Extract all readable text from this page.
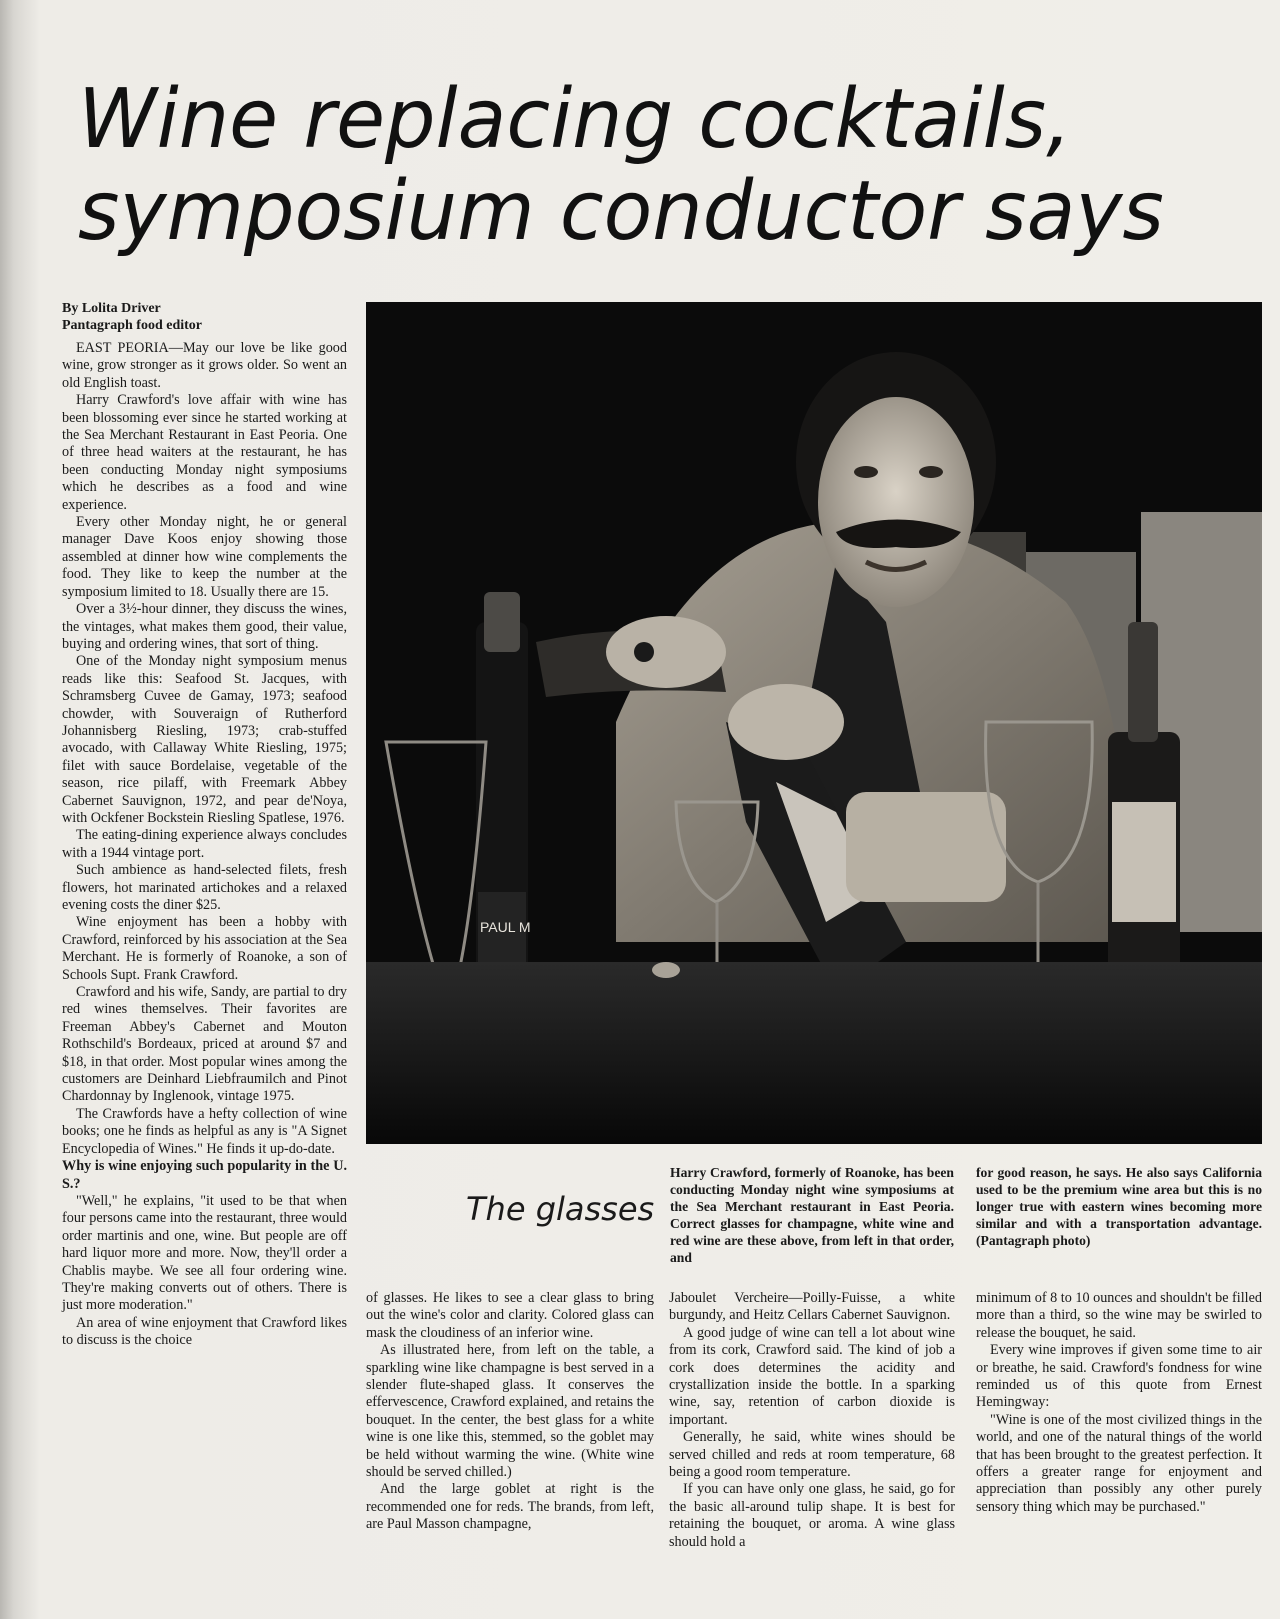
Wine replacing cocktails,
symposium conductor says
By Lolita Driver
Pantagraph food editor

EAST PEORIA—May our love be like good wine, grow stronger as it grows older. So went an old English toast.

Harry Crawford's love affair with wine has been blossoming ever since he started working at the Sea Merchant Restaurant in East Peoria. One of three head waiters at the restaurant, he has been conducting Monday night symposiums which he describes as a food and wine experience.

Every other Monday night, he or general manager Dave Koos enjoy showing those assembled at dinner how wine complements the food. They like to keep the number at the symposium limited to 18. Usually there are 15.

Over a 3½-hour dinner, they discuss the wines, the vintages, what makes them good, their value, buying and ordering wines, that sort of thing.

One of the Monday night symposium menus reads like this: Seafood St. Jacques, with Schramsberg Cuvee de Gamay, 1973; seafood chowder, with Souveraign of Rutherford Johannisberg Riesling, 1973; crab-stuffed avocado, with Callaway White Riesling, 1975; filet with sauce Bordelaise, vegetable of the season, rice pilaff, with Freemark Abbey Cabernet Sauvignon, 1972, and pear de'Noya, with Ockfener Bockstein Riesling Spatlese, 1976.

The eating-dining experience always concludes with a 1944 vintage port.

Such ambience as hand-selected filets, fresh flowers, hot marinated artichokes and a relaxed evening costs the diner $25.

Wine enjoyment has been a hobby with Crawford, reinforced by his association at the Sea Merchant. He is formerly of Roanoke, a son of Schools Supt. Frank Crawford.

Crawford and his wife, Sandy, are partial to dry red wines themselves. Their favorites are Freeman Abbey's Cabernet and Mouton Rothschild's Bordeaux, priced at around $7 and $18, in that order. Most popular wines among the customers are Deinhard Liebfraumilch and Pinot Chardonnay by Inglenook, vintage 1975.

The Crawfords have a hefty collection of wine books; one he finds as helpful as any is "A Signet Encyclopedia of Wines." He finds it up-do-date.

Why is wine enjoying such popularity in the U. S.?

"Well," he explains, "it used to be that when four persons came into the restaurant, three would order martinis and one, wine. But people are off hard liquor more and more. Now, they'll order a Chablis maybe. We see all four ordering wine. They're making converts out of others. There is just more moderation."

An area of wine enjoyment that Crawford likes to discuss is the choice

PAUL M
The glasses
Harry Crawford, formerly of Roanoke, has been conducting Monday night wine symposiums at the Sea Merchant restaurant in East Peoria. Correct glasses for champagne, white wine and red wine are these above, from left in that order, and
for good reason, he says. He also says California used to be the premium wine area but this is no longer true with eastern wines becoming more similar and with a transportation advantage. (Pantagraph photo)

of glasses. He likes to see a clear glass to bring out the wine's color and clarity. Colored glass can mask the cloudiness of an inferior wine.

As illustrated here, from left on the table, a sparkling wine like champagne is best served in a slender flute-shaped glass. It conserves the effervescence, Crawford explained, and retains the bouquet. In the center, the best glass for a white wine is one like this, stemmed, so the goblet may be held without warming the wine. (White wine should be served chilled.)

And the large goblet at right is the recommended one for reds. The brands, from left, are Paul Masson champagne,

Jaboulet Vercheire—Poilly-Fuisse, a white burgundy, and Heitz Cellars Cabernet Sauvignon.

A good judge of wine can tell a lot about wine from its cork, Crawford said. The kind of job a cork does determines the acidity and crystallization inside the bottle. In a sparking wine, say, retention of carbon dioxide is important.

Generally, he said, white wines should be served chilled and reds at room temperature, 68 being a good room temperature.

If you can have only one glass, he said, go for the basic all-around tulip shape. It is best for retaining the bouquet, or aroma. A wine glass should hold a

minimum of 8 to 10 ounces and shouldn't be filled more than a third, so the wine may be swirled to release the bouquet, he said.

Every wine improves if given some time to air or breathe, he said. Crawford's fondness for wine reminded us of this quote from Ernest Hemingway:

"Wine is one of the most civilized things in the world, and one of the natural things of the world that has been brought to the greatest perfection. It offers a greater range for enjoyment and appreciation than possibly any other purely sensory thing which may be purchased."
